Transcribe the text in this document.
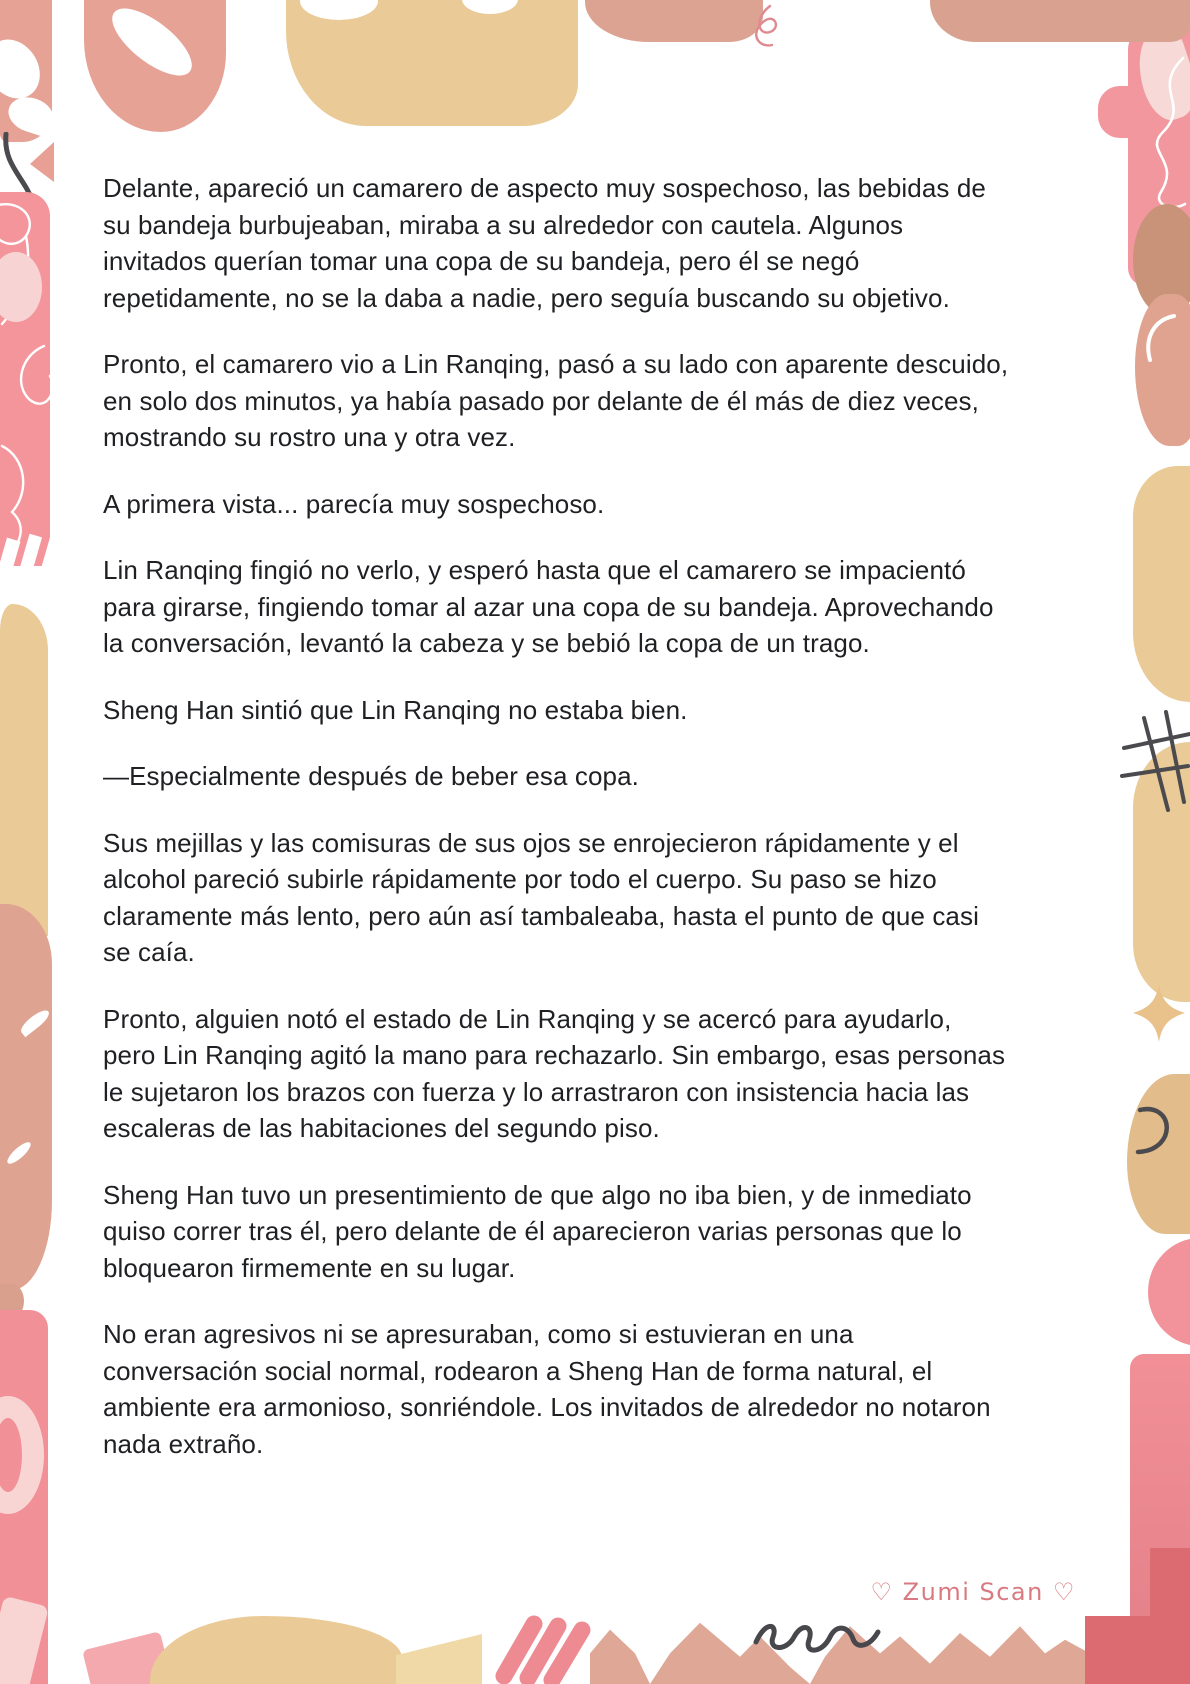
Delante, apareció un camarero de aspecto muy sospechoso, las bebidas de su bandeja burbujeaban, miraba a su alrededor con cautela. Algunos invitados querían tomar una copa de su bandeja, pero él se negó repetidamente, no se la daba a nadie, pero seguía buscando su objetivo.

Pronto, el camarero vio a Lin Ranqing, pasó a su lado con aparente descuido, en solo dos minutos, ya había pasado por delante de él más de diez veces, mostrando su rostro una y otra vez.

A primera vista... parecía muy sospechoso.

Lin Ranqing fingió no verlo, y esperó hasta que el camarero se impacientó para girarse, fingiendo tomar al azar una copa de su bandeja. Aprovechando la conversación, levantó la cabeza y se bebió la copa de un trago.

Sheng Han sintió que Lin Ranqing no estaba bien.

—Especialmente después de beber esa copa.

Sus mejillas y las comisuras de sus ojos se enrojecieron rápidamente y el alcohol pareció subirle rápidamente por todo el cuerpo. Su paso se hizo claramente más lento, pero aún así tambaleaba, hasta el punto de que casi se caía.

Pronto, alguien notó el estado de Lin Ranqing y se acercó para ayudarlo, pero Lin Ranqing agitó la mano para rechazarlo. Sin embargo, esas personas le sujetaron los brazos con fuerza y lo arrastraron con insistencia hacia las escaleras de las habitaciones del segundo piso.

Sheng Han tuvo un presentimiento de que algo no iba bien, y de inmediato quiso correr tras él, pero delante de él aparecieron varias personas que lo bloquearon firmemente en su lugar.

No eran agresivos ni se apresuraban, como si estuvieran en una conversación social normal, rodearon a Sheng Han de forma natural, el ambiente era armonioso, sonriéndole. Los invitados de alrededor no notaron nada extraño.

♡ Zumi Scan ♡
